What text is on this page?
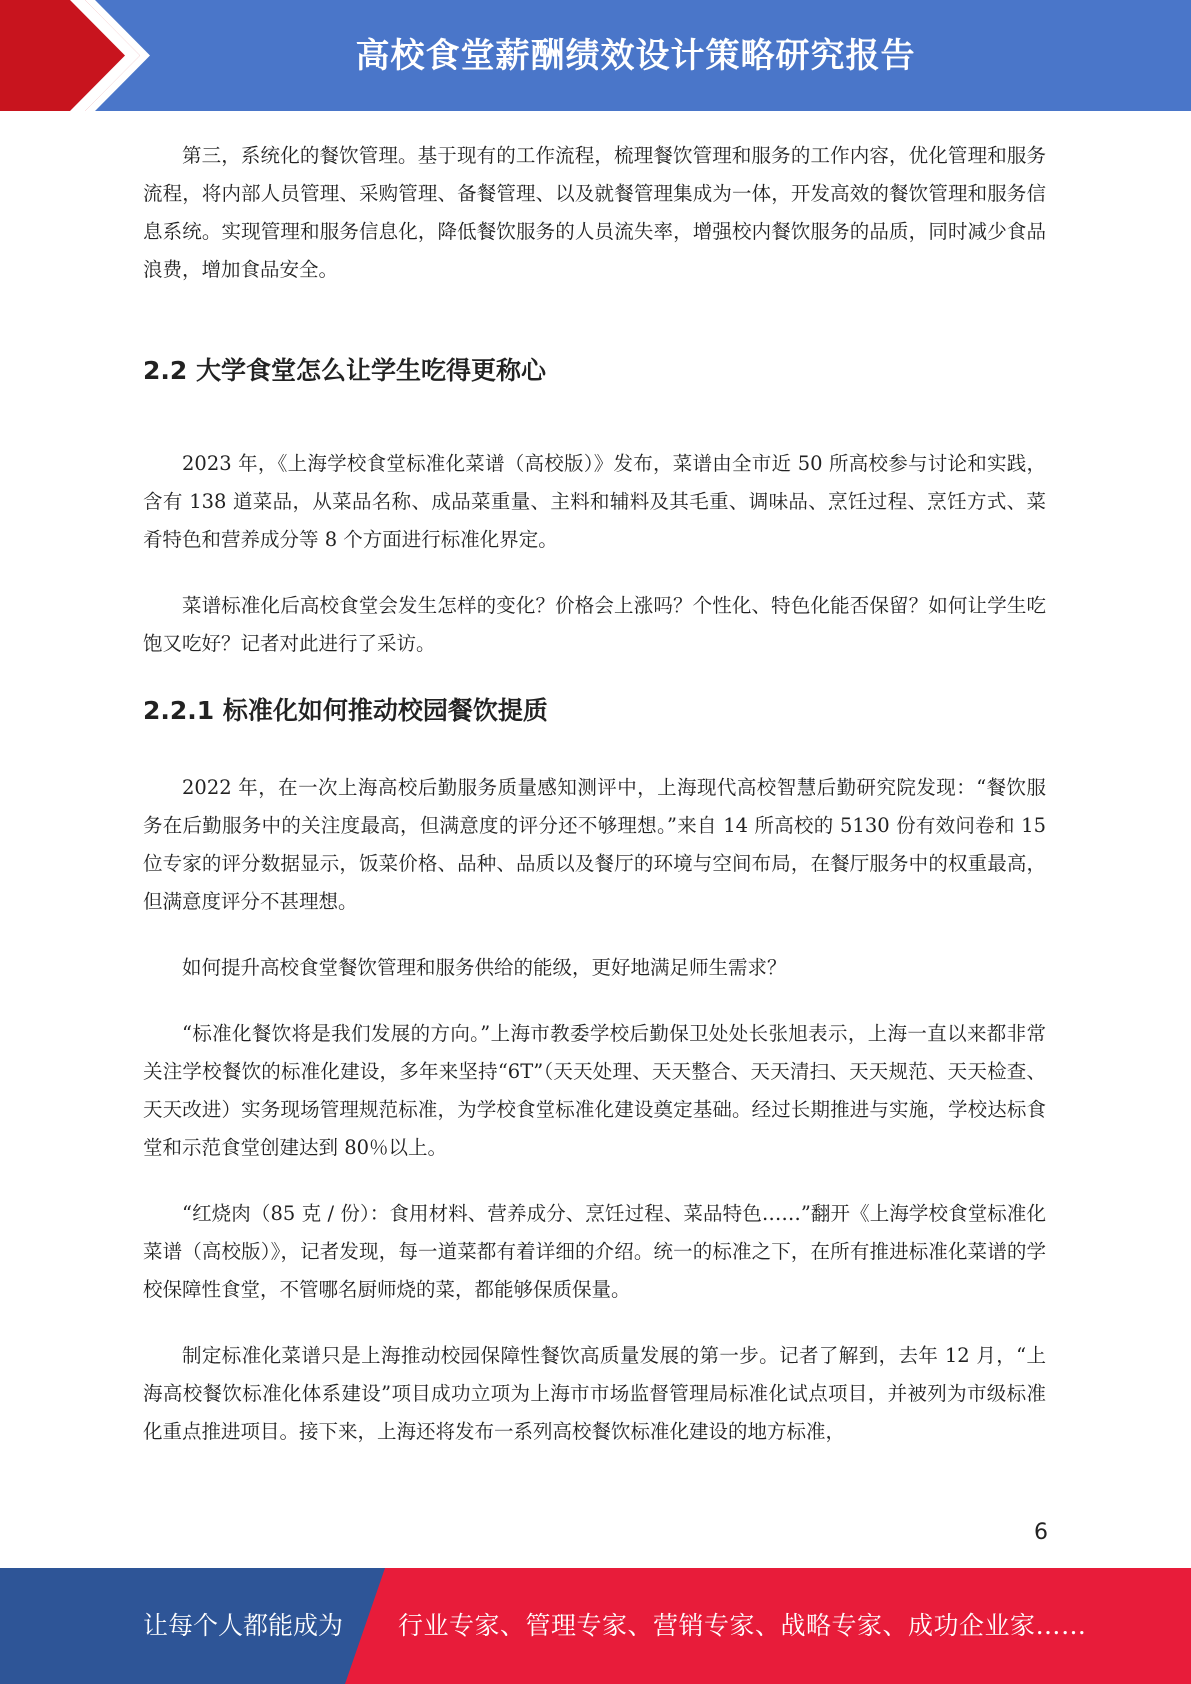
高校食堂薪酬绩效设计策略研究报告

第三，系统化的餐饮管理。基于现有的工作流程，梳理餐饮管理和服务的工作内容，优化管理和服务流程，将内部人员管理、采购管理、备餐管理、以及就餐管理集成为一体，开发高效的餐饮管理和服务信息系统。实现管理和服务信息化，降低餐饮服务的人员流失率，增强校内餐饮服务的品质，同时减少食品浪费，增加食品安全。

2.2 大学食堂怎么让学生吃得更称心

2023 年，《上海学校食堂标准化菜谱（高校版）》发布，菜谱由全市近 50 所高校参与讨论和实践，含有 138 道菜品，从菜品名称、成品菜重量、主料和辅料及其毛重、调味品、烹饪过程、烹饪方式、菜肴特色和营养成分等 8 个方面进行标准化界定。

菜谱标准化后高校食堂会发生怎样的变化？价格会上涨吗？个性化、特色化能否保留？如何让学生吃饱又吃好？记者对此进行了采访。

2.2.1 标准化如何推动校园餐饮提质

2022 年，在一次上海高校后勤服务质量感知测评中，上海现代高校智慧后勤研究院发现：“餐饮服务在后勤服务中的关注度最高，但满意度的评分还不够理想。”来自 14 所高校的 5130 份有效问卷和 15 位专家的评分数据显示，饭菜价格、品种、品质以及餐厅的环境与空间布局，在餐厅服务中的权重最高，但满意度评分不甚理想。

如何提升高校食堂餐饮管理和服务供给的能级，更好地满足师生需求？

“标准化餐饮将是我们发展的方向。”上海市教委学校后勤保卫处处长张旭表示，上海一直以来都非常关注学校餐饮的标准化建设，多年来坚持“6T”（天天处理、天天整合、天天清扫、天天规范、天天检查、天天改进）实务现场管理规范标准，为学校食堂标准化建设奠定基础。经过长期推进与实施，学校达标食堂和示范食堂创建达到 80％以上。

“红烧肉（85 克 / 份）：食用材料、营养成分、烹饪过程、菜品特色……”翻开《上海学校食堂标准化菜谱（高校版）》，记者发现，每一道菜都有着详细的介绍。统一的标准之下，在所有推进标准化菜谱的学校保障性食堂，不管哪名厨师烧的菜，都能够保质保量。

制定标准化菜谱只是上海推动校园保障性餐饮高质量发展的第一步。记者了解到，去年 12 月，“上海高校餐饮标准化体系建设”项目成功立项为上海市市场监督管理局标准化试点项目，并被列为市级标准化重点推进项目。接下来，上海还将发布一系列高校餐饮标准化建设的地方标准，

6
让每个人都能成为 行业专家、管理专家、营销专家、战略专家、成功企业家……
